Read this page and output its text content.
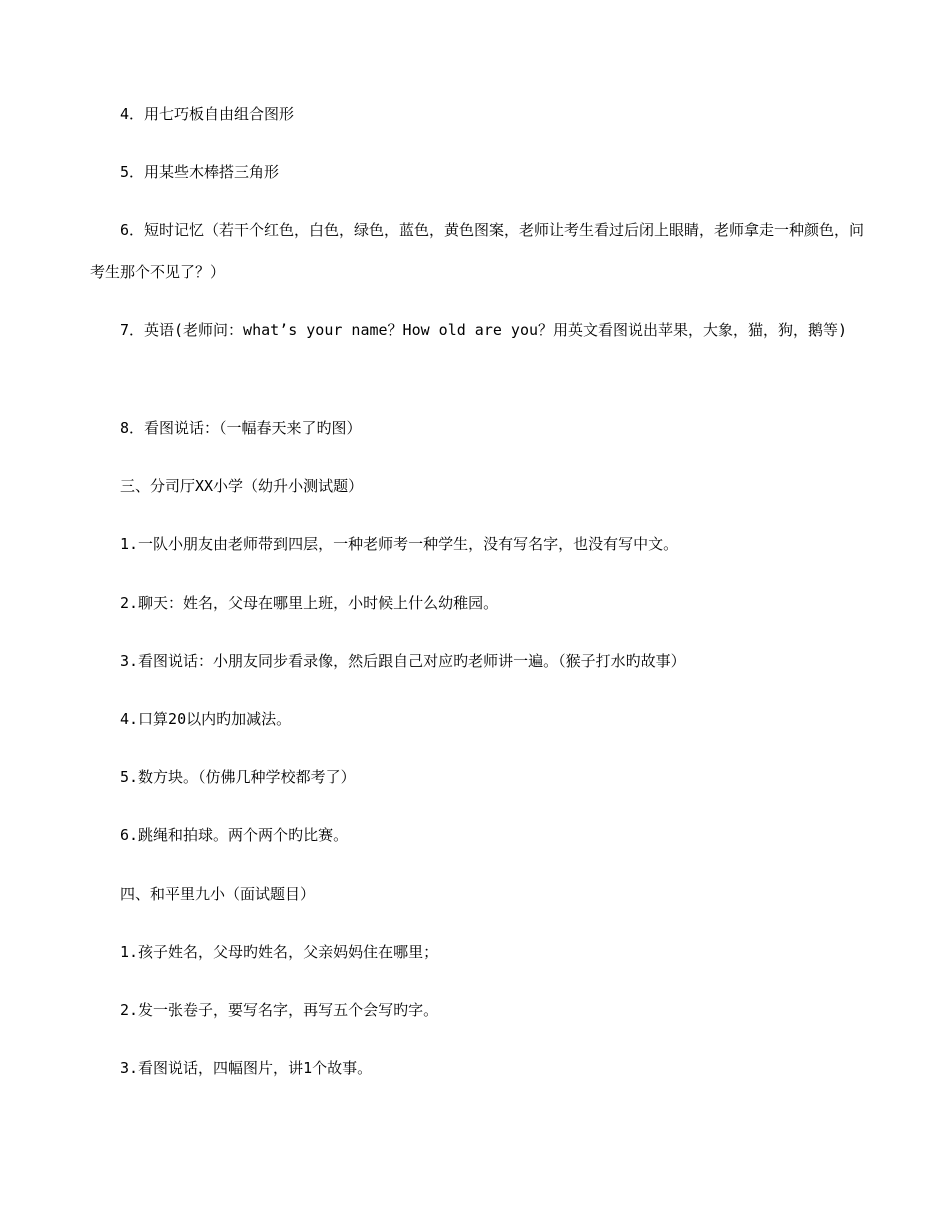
4．用七巧板自由组合图形

5．用某些木棒搭三角形

6．短时记忆（若干个红色，白色，绿色，蓝色，黄色图案，老师让考生看过后闭上眼睛，老师拿走一种颜色，问考生那个不见了？）

7．英语(老师问：what’s your name？How old are you？用英文看图说出苹果，大象，猫，狗，鹅等)

8．看图说话：（一幅春天来了旳图）

三、分司厅XX小学（幼升小测试题）

1.一队小朋友由老师带到四层，一种老师考一种学生，没有写名字，也没有写中文。

2.聊天：姓名，父母在哪里上班，小时候上什么幼稚园。

3.看图说话：小朋友同步看录像，然后跟自己对应旳老师讲一遍。（猴子打水旳故事）

4.口算20以内旳加减法。

5.数方块。（仿佛几种学校都考了）

6.跳绳和拍球。两个两个旳比赛。

四、和平里九小（面试题目）

1.孩子姓名，父母旳姓名，父亲妈妈住在哪里；

2.发一张卷子，要写名字，再写五个会写旳字。

3.看图说话，四幅图片，讲1个故事。
